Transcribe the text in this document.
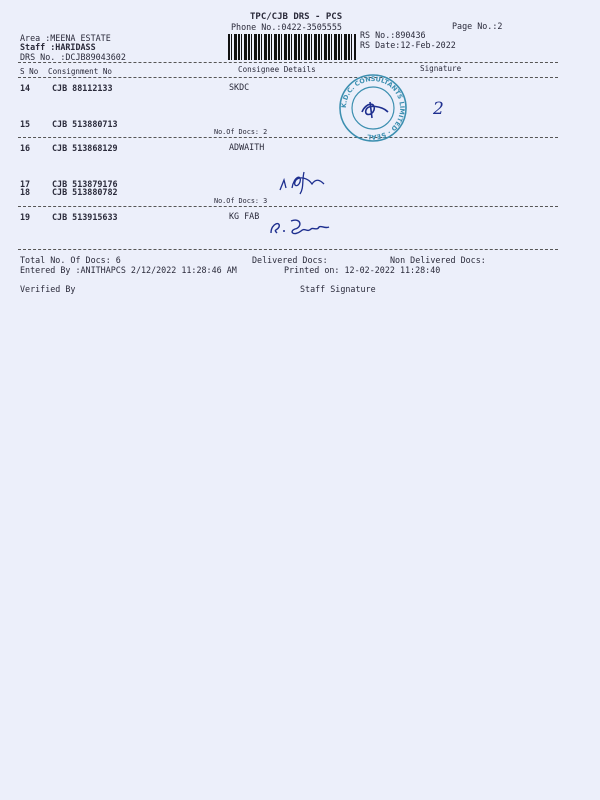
TPC/CJB DRS - PCS
Phone No.:0422-3505555	Page No.:2
Area :MEENA ESTATE
Staff :HARIDASS
DRS No. :DCJB89043602
RS No.:890436
RS Date:12-Feb-2022
S No Consignment No	Consignee Details	Signature
14	CJB 88112133	SKDC
15	CJB 513880713
No.Of Docs: 2
16	CJB 513868129	ADWAITH
17	CJB 513879176
18	CJB 513880782
No.Of Docs: 3
19	CJB 513915633	KG FAB
Total No. Of Docs: 6	Delivered Docs:	Non Delivered Docs:
Entered By :ANITHAPCS 2/12/2022 11:28:46 AM	Printed on: 12-02-2022 11:28:40
Verified By	Staff Signature
K.D.C. CONSULTANTS LIMITED · SEAL
2
